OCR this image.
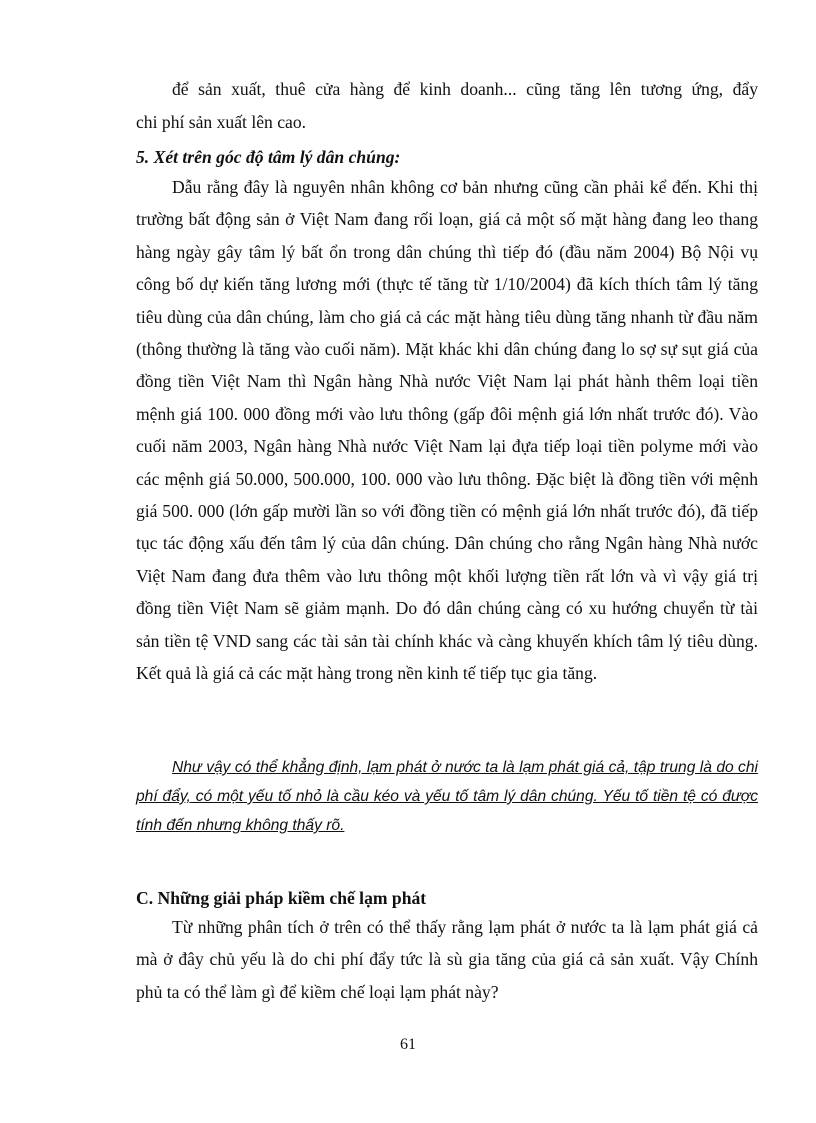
để sản xuất, thuê cửa hàng để kinh doanh... cũng tăng lên tương ứng, đẩy
chi phí sản xuất lên cao.
5. Xét trên góc độ tâm lý dân chúng:
Dẫu rằng đây là nguyên nhân không cơ bản nhưng cũng cần phải kể đến. Khi thị trường bất động sản ở Việt Nam đang rối loạn, giá cả một số mặt hàng đang leo thang hàng ngày gây tâm lý bất ổn trong dân chúng thì tiếp đó (đầu năm 2004) Bộ Nội vụ công bố dự kiến tăng lương mới (thực tế tăng từ 1/10/2004) đã kích thích tâm lý tăng tiêu dùng của dân chúng, làm cho giá cả các mặt hàng tiêu dùng tăng nhanh từ đầu năm (thông thường là tăng vào cuối năm). Mặt khác khi dân chúng đang lo sợ sự sụt giá của đồng tiền Việt Nam thì Ngân hàng Nhà nước Việt Nam lại phát hành thêm loại tiền mệnh giá 100. 000 đồng mới vào lưu thông (gấp đôi mệnh giá lớn nhất trước đó). Vào cuối năm 2003, Ngân hàng Nhà nước Việt Nam lại đựa tiếp loại tiền polyme mới vào các mệnh giá 50.000, 500.000, 100. 000 vào lưu thông. Đặc biệt là đồng tiền với mệnh giá 500. 000 (lớn gấp mười lần so với đồng tiền có mệnh giá lớn nhất trước đó), đã tiếp tục tác động xấu đến tâm lý của dân chúng. Dân chúng cho rằng Ngân hàng Nhà nước Việt Nam đang đưa thêm vào lưu thông một khối lượng tiền rất lớn và vì vậy giá trị đồng tiền Việt Nam sẽ giảm mạnh. Do đó dân chúng càng có xu hướng chuyển từ tài sản tiền tệ VND sang các tài sản tài chính khác và càng khuyến khích tâm lý tiêu dùng. Kết quả là giá cả các mặt hàng trong nền kinh tế tiếp tục gia tăng.
Như vậy có thể khẳng định, lạm phát ở nước ta là lạm phát giá cả, tập trung là do chi phí đẩy, có một yếu tố nhỏ là cầu kéo và yếu tố tâm lý dân chúng. Yếu tố tiền tệ có được tính đến nhưng không thấy rõ.
C. Những giải pháp kiềm chế lạm phát
Từ những phân tích ở trên có thể thấy rằng lạm phát ở nước ta là lạm phát giá cả mà ở đây chủ yếu là do chi phí đẩy tức là sù gia tăng của giá cả sản xuất. Vậy Chính phủ ta có thể làm gì để kiềm chế loại lạm phát này?
61
